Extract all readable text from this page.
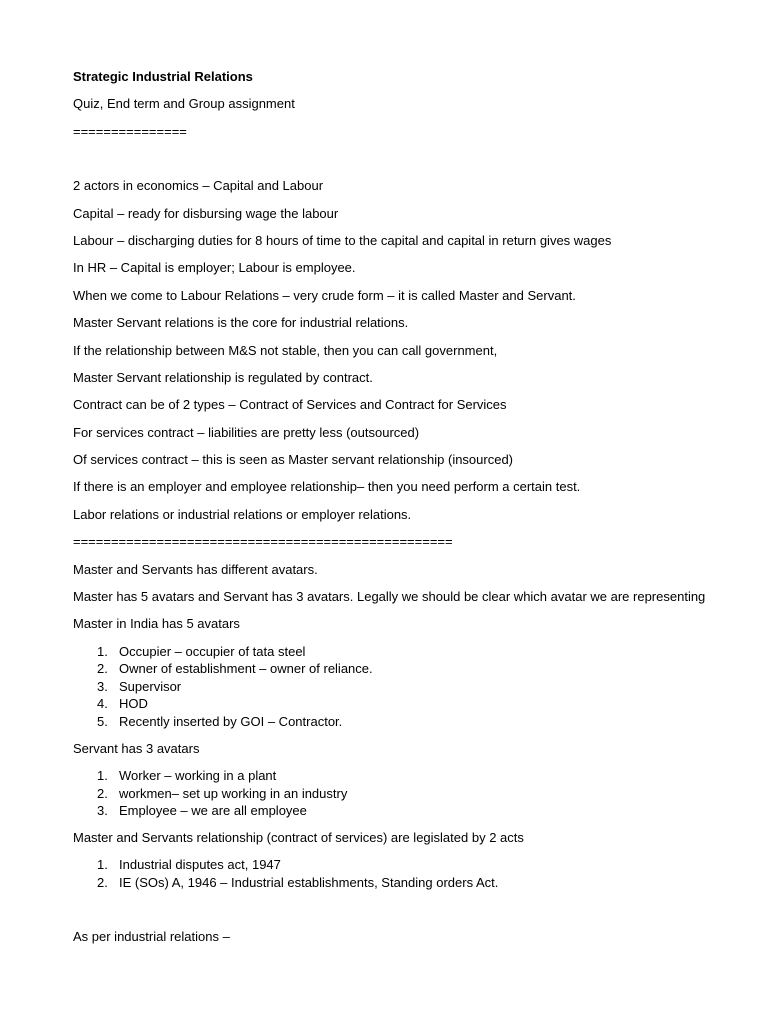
Strategic Industrial Relations

Quiz, End term and Group assignment

===============

2 actors in economics – Capital and Labour

Capital – ready for disbursing wage the labour

Labour – discharging duties for 8 hours of time to the capital and capital in return gives wages

In HR – Capital is employer; Labour is employee.

When we come to Labour Relations – very crude form – it is called Master and Servant.

Master Servant relations is the core for industrial relations.

If the relationship between M&S not stable, then you can call government,

Master Servant relationship is regulated by contract.

Contract can be of 2 types – Contract of Services and Contract for Services

For services contract – liabilities are pretty less (outsourced)

Of services contract – this is seen as Master servant relationship (insourced)

If there is an employer and employee relationship– then you need perform a certain test.

Labor relations or industrial relations or employer relations.

==================================================

Master and Servants has different avatars.

Master has 5 avatars and Servant has 3 avatars. Legally we should be clear which avatar we are representing

Master in India has 5 avatars

1. Occupier – occupier of tata steel
2. Owner of establishment – owner of reliance.
3. Supervisor
4. HOD
5. Recently inserted by GOI – Contractor.

Servant has 3 avatars

1. Worker – working in a plant
2. workmen– set up working in an industry
3. Employee – we are all employee

Master and Servants relationship (contract of services) are legislated by 2 acts

1. Industrial disputes act, 1947
2. IE (SOs) A, 1946 – Industrial establishments, Standing orders Act.

As per industrial relations –
